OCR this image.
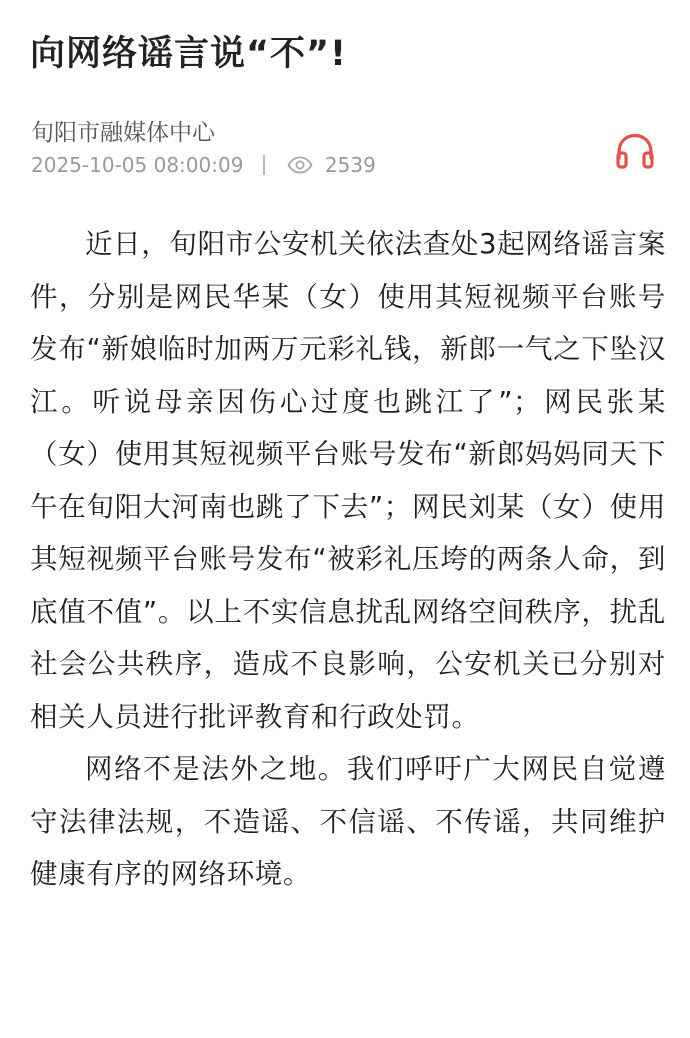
向网络谣言说“不”!
旬阳市融媒体中心
2025-10-05 08:00:09	2539

近日，旬阳市公安机关依法查处3起网络谣言案件，分别是网民华某（女）使用其短视频平台账号发布“新娘临时加两万元彩礼钱，新郎一气之下坠汉江。听说母亲因伤心过度也跳江了”；网民张某（女）使用其短视频平台账号发布“新郎妈妈同天下午在旬阳大河南也跳了下去”；网民刘某（女）使用其短视频平台账号发布“被彩礼压垮的两条人命，到底值不值”。以上不实信息扰乱网络空间秩序，扰乱社会公共秩序，造成不良影响，公安机关已分别对相关人员进行批评教育和行政处罚。

网络不是法外之地。我们呼吁广大网民自觉遵守法律法规，不造谣、不信谣、不传谣，共同维护健康有序的网络环境。
